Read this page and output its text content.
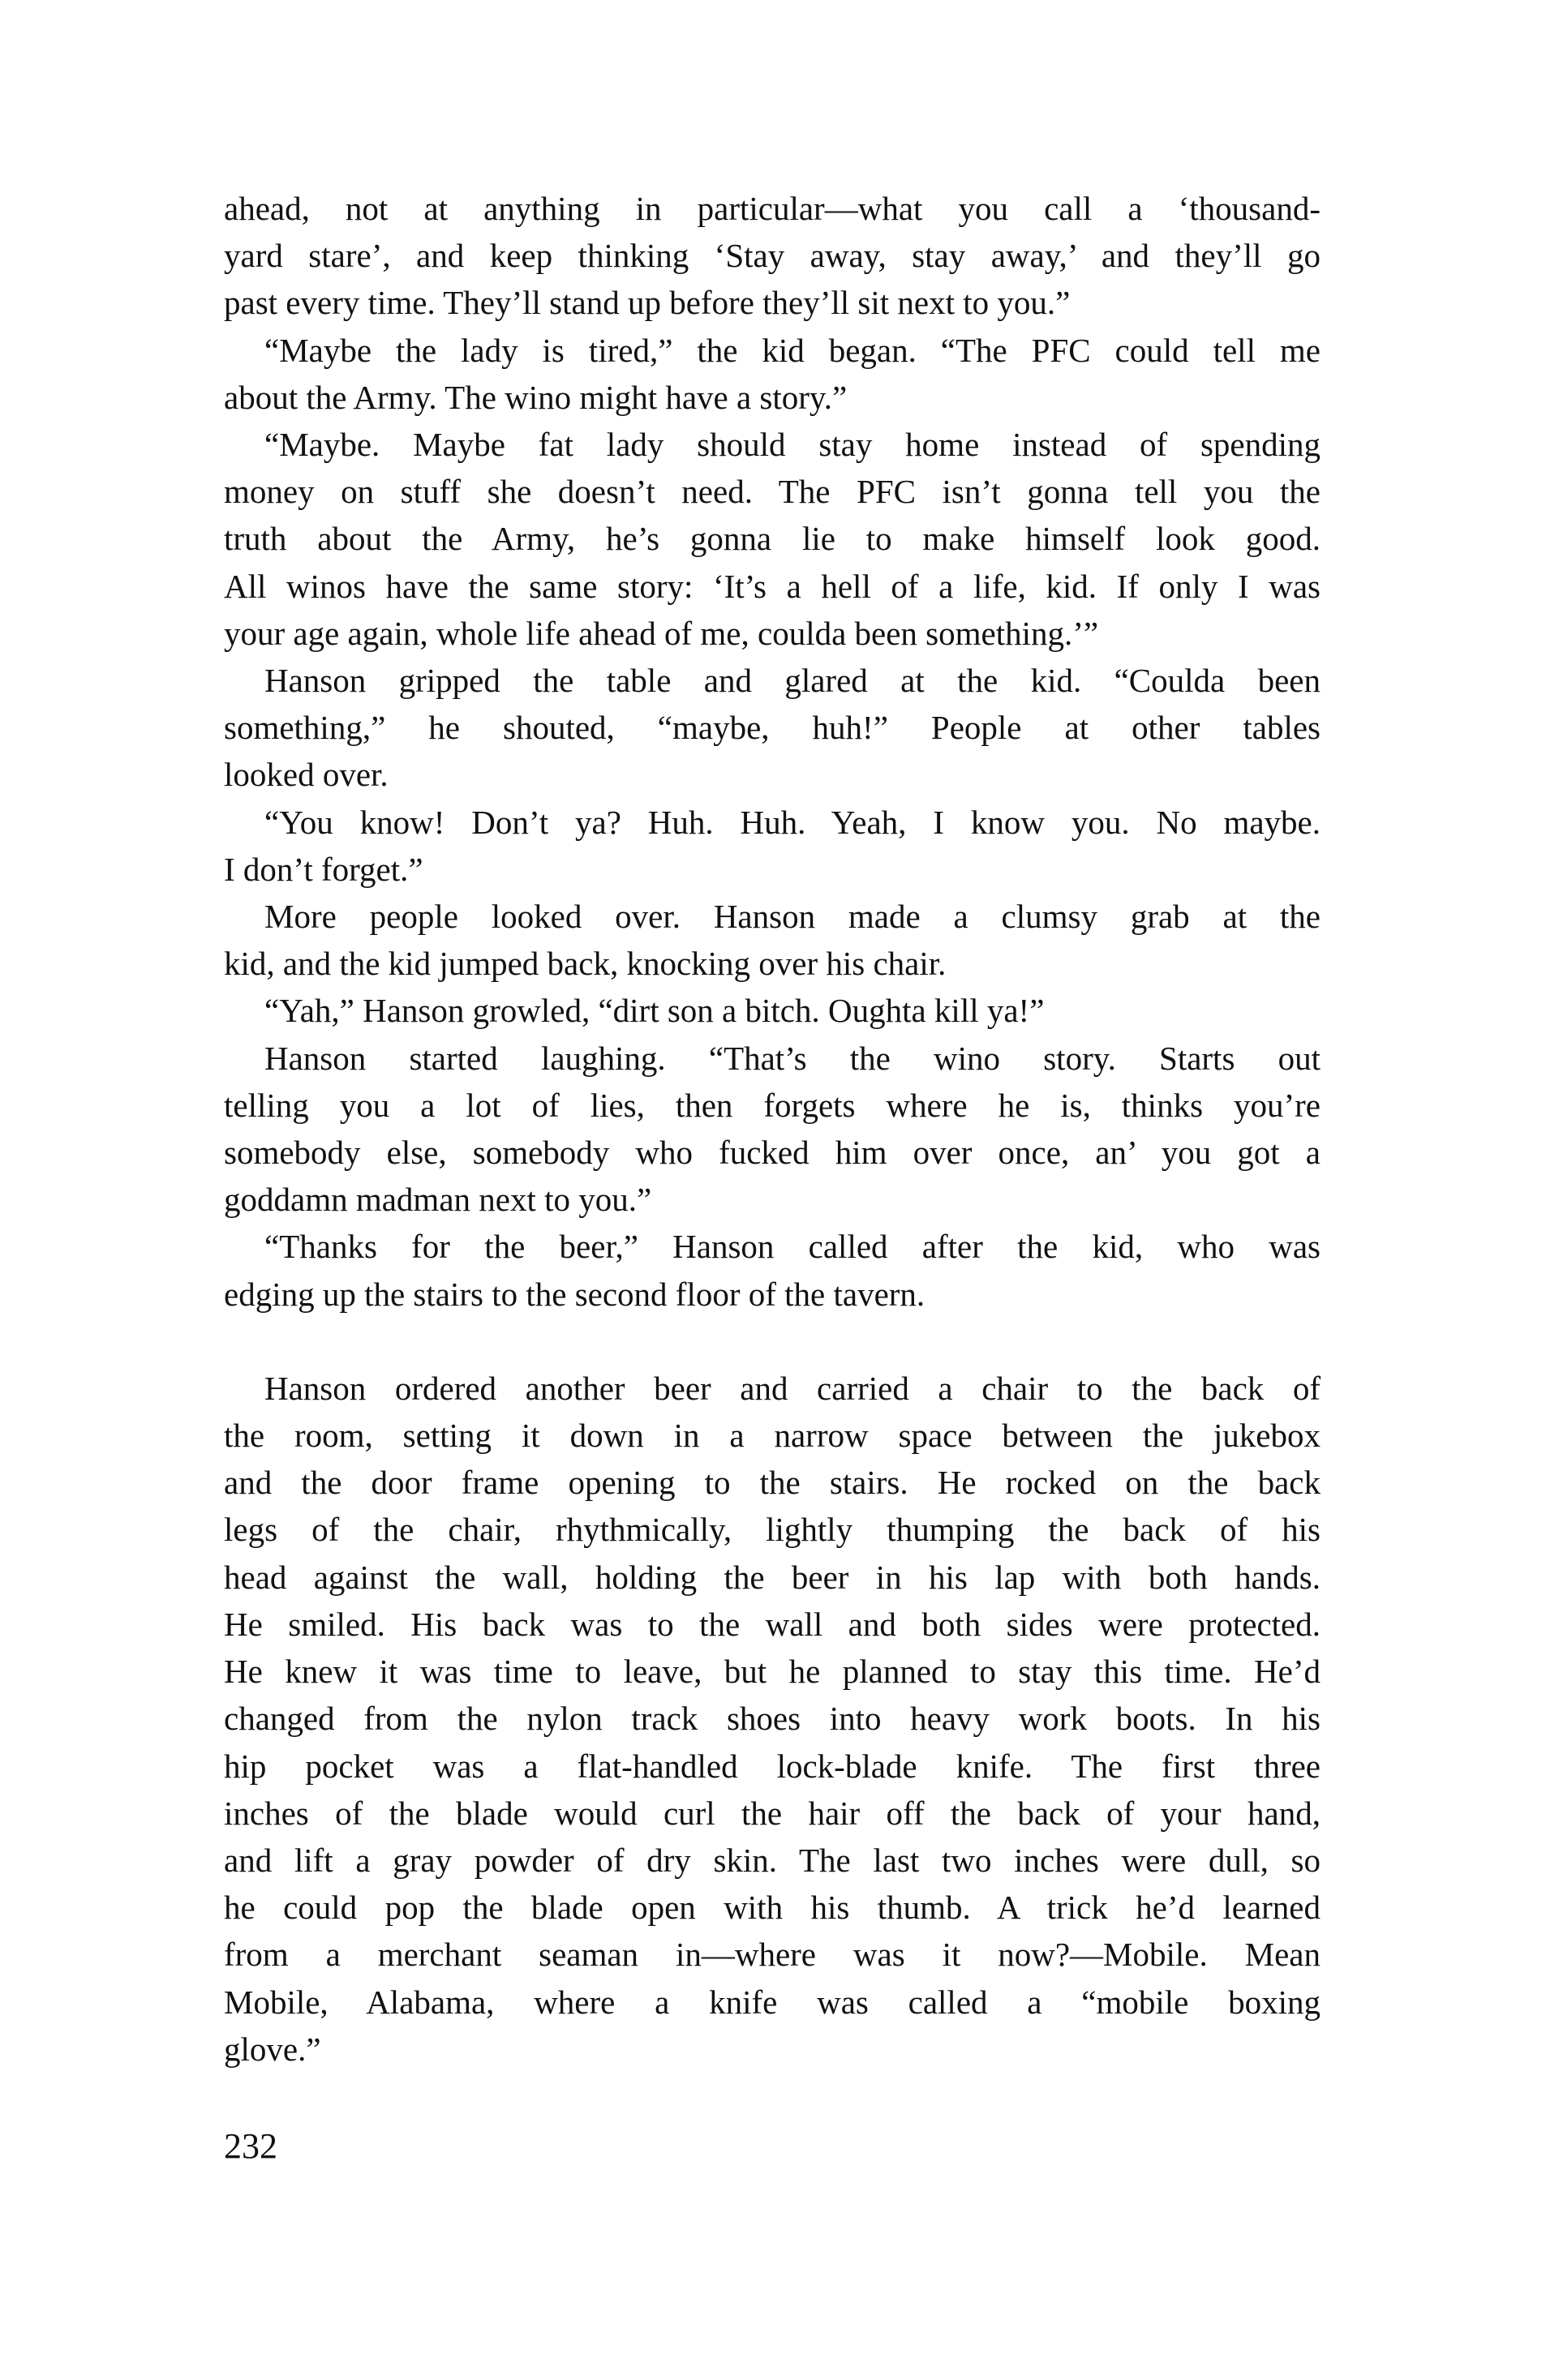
ahead, not at anything in particular—what you call a ‘thousand-
yard stare’, and keep thinking ‘Stay away, stay away,’ and they’ll go
past every time. They’ll stand up before they’ll sit next to you.”
“Maybe the lady is tired,” the kid began. “The PFC could tell me
about the Army. The wino might have a story.”
“Maybe. Maybe fat lady should stay home instead of spending
money on stuff she doesn’t need. The PFC isn’t gonna tell you the
truth about the Army, he’s gonna lie to make himself look good.
All winos have the same story: ‘It’s a hell of a life, kid. If only I was
your age again, whole life ahead of me, coulda been something.’”
Hanson gripped the table and glared at the kid. “Coulda been
something,” he shouted, “maybe, huh!” People at other tables
looked over.
“You know! Don’t ya? Huh. Huh. Yeah, I know you. No maybe.
I don’t forget.”
More people looked over. Hanson made a clumsy grab at the
kid, and the kid jumped back, knocking over his chair.
“Yah,” Hanson growled, “dirt son a bitch. Oughta kill ya!”
Hanson started laughing. “That’s the wino story. Starts out
telling you a lot of lies, then forgets where he is, thinks you’re
somebody else, somebody who fucked him over once, an’ you got a
goddamn madman next to you.”
“Thanks for the beer,” Hanson called after the kid, who was
edging up the stairs to the second floor of the tavern.
Hanson ordered another beer and carried a chair to the back of
the room, setting it down in a narrow space between the jukebox
and the door frame opening to the stairs. He rocked on the back
legs of the chair, rhythmically, lightly thumping the back of his
head against the wall, holding the beer in his lap with both hands.
He smiled. His back was to the wall and both sides were protected.
He knew it was time to leave, but he planned to stay this time. He’d
changed from the nylon track shoes into heavy work boots. In his
hip pocket was a flat-handled lock-blade knife. The first three
inches of the blade would curl the hair off the back of your hand,
and lift a gray powder of dry skin. The last two inches were dull, so
he could pop the blade open with his thumb. A trick he’d learned
from a merchant seaman in—where was it now?—Mobile. Mean
Mobile, Alabama, where a knife was called a “mobile boxing
glove.”
232
